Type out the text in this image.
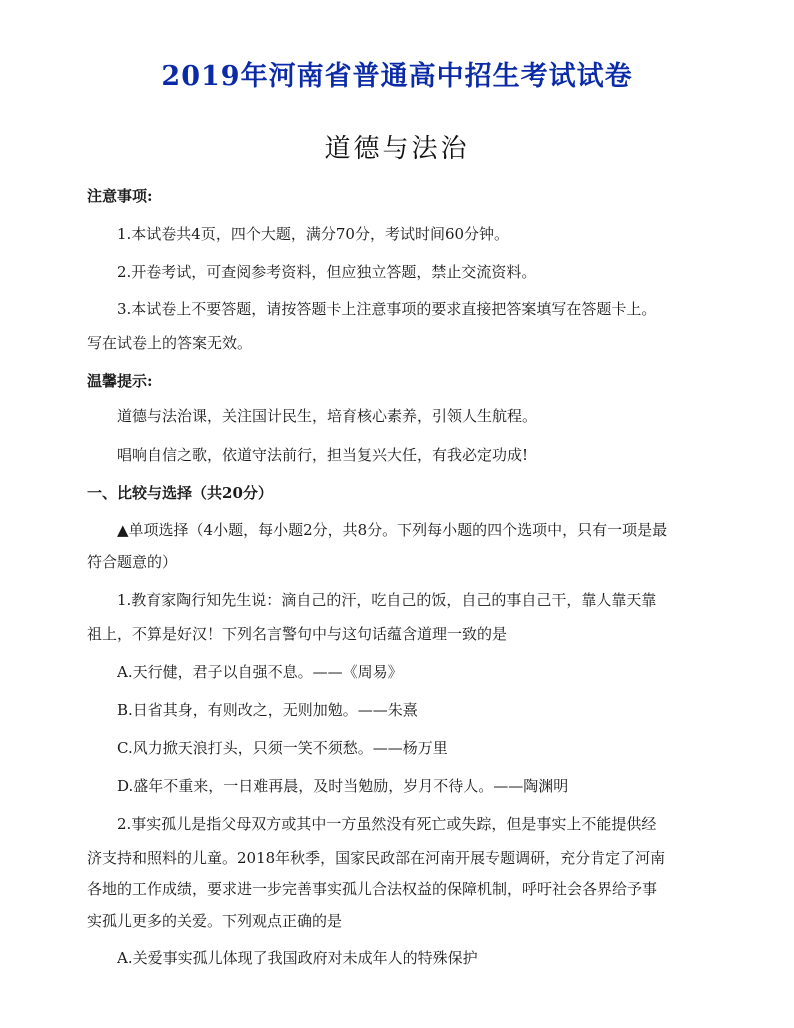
2019年河南省普通高中招生考试试卷
道德与法治
注意事项:
1.本试卷共4页，四个大题，满分70分，考试时间60分钟。
2.开卷考试，可查阅参考资料，但应独立答题，禁止交流资料。
3.本试卷上不要答题，请按答题卡上注意事项的要求直接把答案填写在答题卡上。
写在试卷上的答案无效。
温馨提示:
道德与法治课，关注国计民生，培育核心素养，引领人生航程。
唱响自信之歌，依道守法前行，担当复兴大任，有我必定功成!
一、比较与选择（共20分）
▲单项选择（4小题，每小题2分，共8分。下列每小题的四个选项中，只有一项是最
符合题意的）
1.教育家陶行知先生说：滴自己的汗，吃自己的饭，自己的事自己干，靠人靠天靠
祖上，不算是好汉！下列名言警句中与这句话蕴含道理一致的是
A.天行健，君子以自强不息。——《周易》
B.日省其身，有则改之，无则加勉。——朱熹
C.风力掀天浪打头，只须一笑不须愁。——杨万里
D.盛年不重来，一日难再晨，及时当勉励，岁月不待人。——陶渊明
2.事实孤儿是指父母双方或其中一方虽然没有死亡或失踪，但是事实上不能提供经
济支持和照料的儿童。2018年秋季，国家民政部在河南开展专题调研，充分肯定了河南
各地的工作成绩，要求进一步完善事实孤儿合法权益的保障机制，呼吁社会各界给予事
实孤儿更多的关爱。下列观点正确的是
A.关爱事实孤儿体现了我国政府对未成年人的特殊保护
